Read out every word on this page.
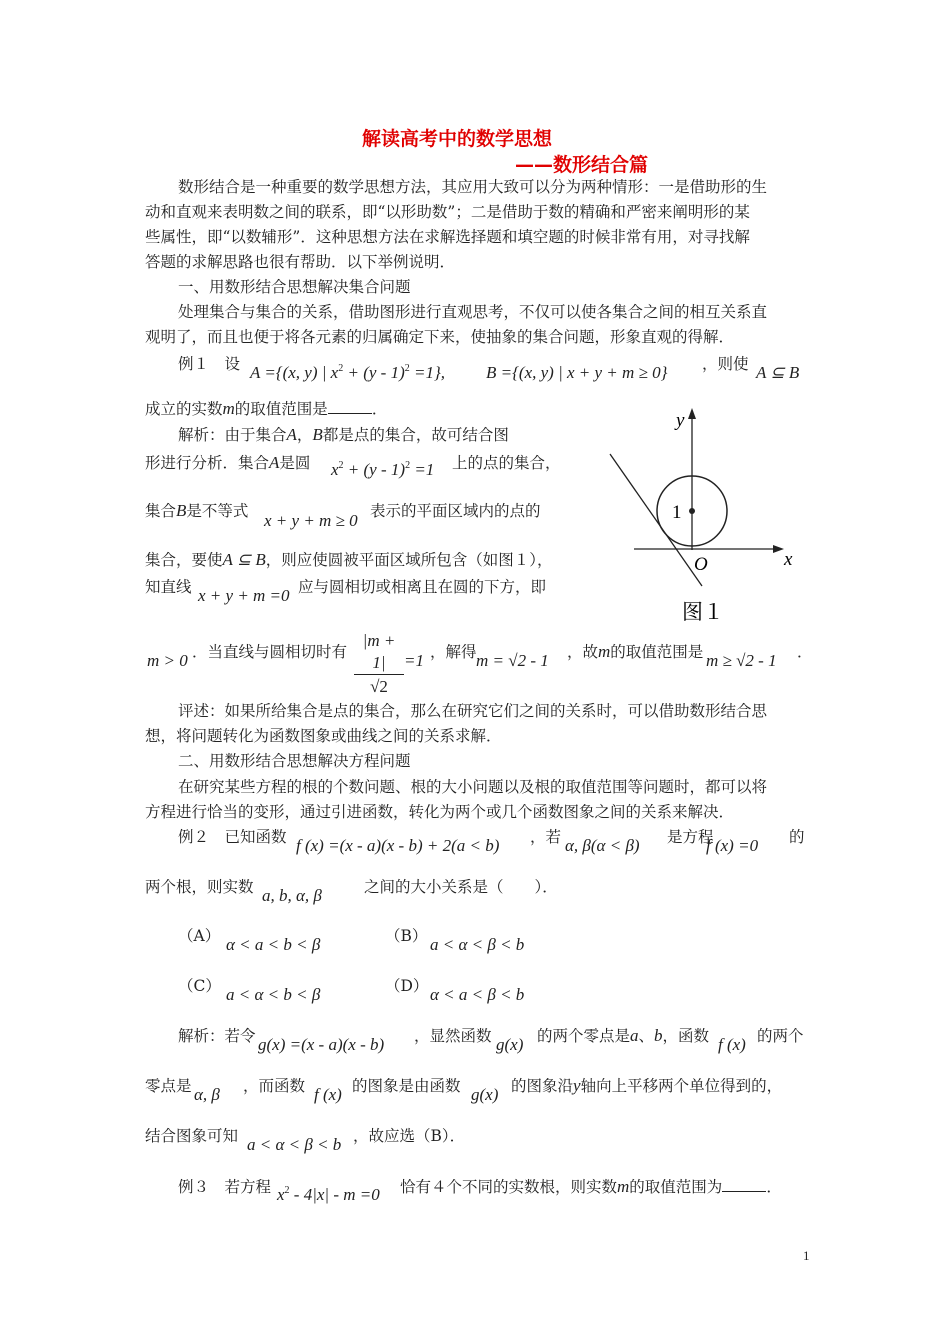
解读高考中的数学思想
——数形结合篇
数形结合是一种重要的数学思想方法，其应用大致可以分为两种情形：一是借助形的生
动和直观来表明数之间的联系，即“以形助数”；二是借助于数的精确和严密来阐明形的某
些属性，即“以数辅形”．这种思想方法在求解选择题和填空题的时候非常有用，对寻找解
答题的求解思路也很有帮助．以下举例说明．
一、用数形结合思想解决集合问题
处理集合与集合的关系，借助图形进行直观思考，不仅可以使各集合之间的相互关系直
观明了，而且也便于将各元素的归属确定下来，使抽象的集合问题，形象直观的得解．
例１　设 A ={(x, y) | $x^2 + (y - 1)^2 =1$}, B ={(x, y) | x + y + m ≥ 0} ，则使 A ⊆ B
成立的实数m的取值范围是	．
解析：由于集合A，B都是点的集合，故可结合图
形进行分析．集合A是圆 $x^2 + (y - 1)^2 =1$ 上的点的集合，
集合B是不等式 x + y + m ≥ 0 表示的平面区域内的点的
集合，要使A ⊆ B，则应使圆被平面区域所包含（如图１），
知直线 x + y + m =0 应与圆相切或相离且在圆的下方，即
m > 0 ．当直线与圆相切时有 $\frac{|m + 1|}{√2} =1$ ，解得 m = √2 - 1 ，故m的取值范围是 m ≥ √2 - 1 ．
评述：如果所给集合是点的集合，那么在研究它们之间的关系时，可以借助数形结合思
想，将问题转化为函数图象或曲线之间的关系求解．
y
x
O
1
图１
二、用数形结合思想解决方程问题
在研究某些方程的根的个数问题、根的大小问题以及根的取值范围等问题时，都可以将
方程进行恰当的变形，通过引进函数，转化为两个或几个函数图象之间的关系来解决．
例２　已知函数 f (x) =(x - a)(x - b) + 2(a < b) ，若 α, β(α < β) 是方程
f (x) =0 的
两个根，则实数 a, b, α, β	之间的大小关系是（　　）．
（A） α < a < b < β	（B） a < α < β < b
（C） a < α < b < β	（D） α < a < β < b
解析：若令 g(x) =(x - a)(x - b) ，显然函数 g(x) 的两个零点是a、b，函数 f (x) 的两个
零点是 α, β ，而函数 f (x) 的图象是由函数 g(x) 的图象沿y轴向上平移两个单位得到的，
结合图象可知 a < α < β < b ，故应选（B）．
例３　若方程 $x^2 - 4|x| - m =0$ 恰有４个不同的实数根，则实数m的取值范围为	．
1
